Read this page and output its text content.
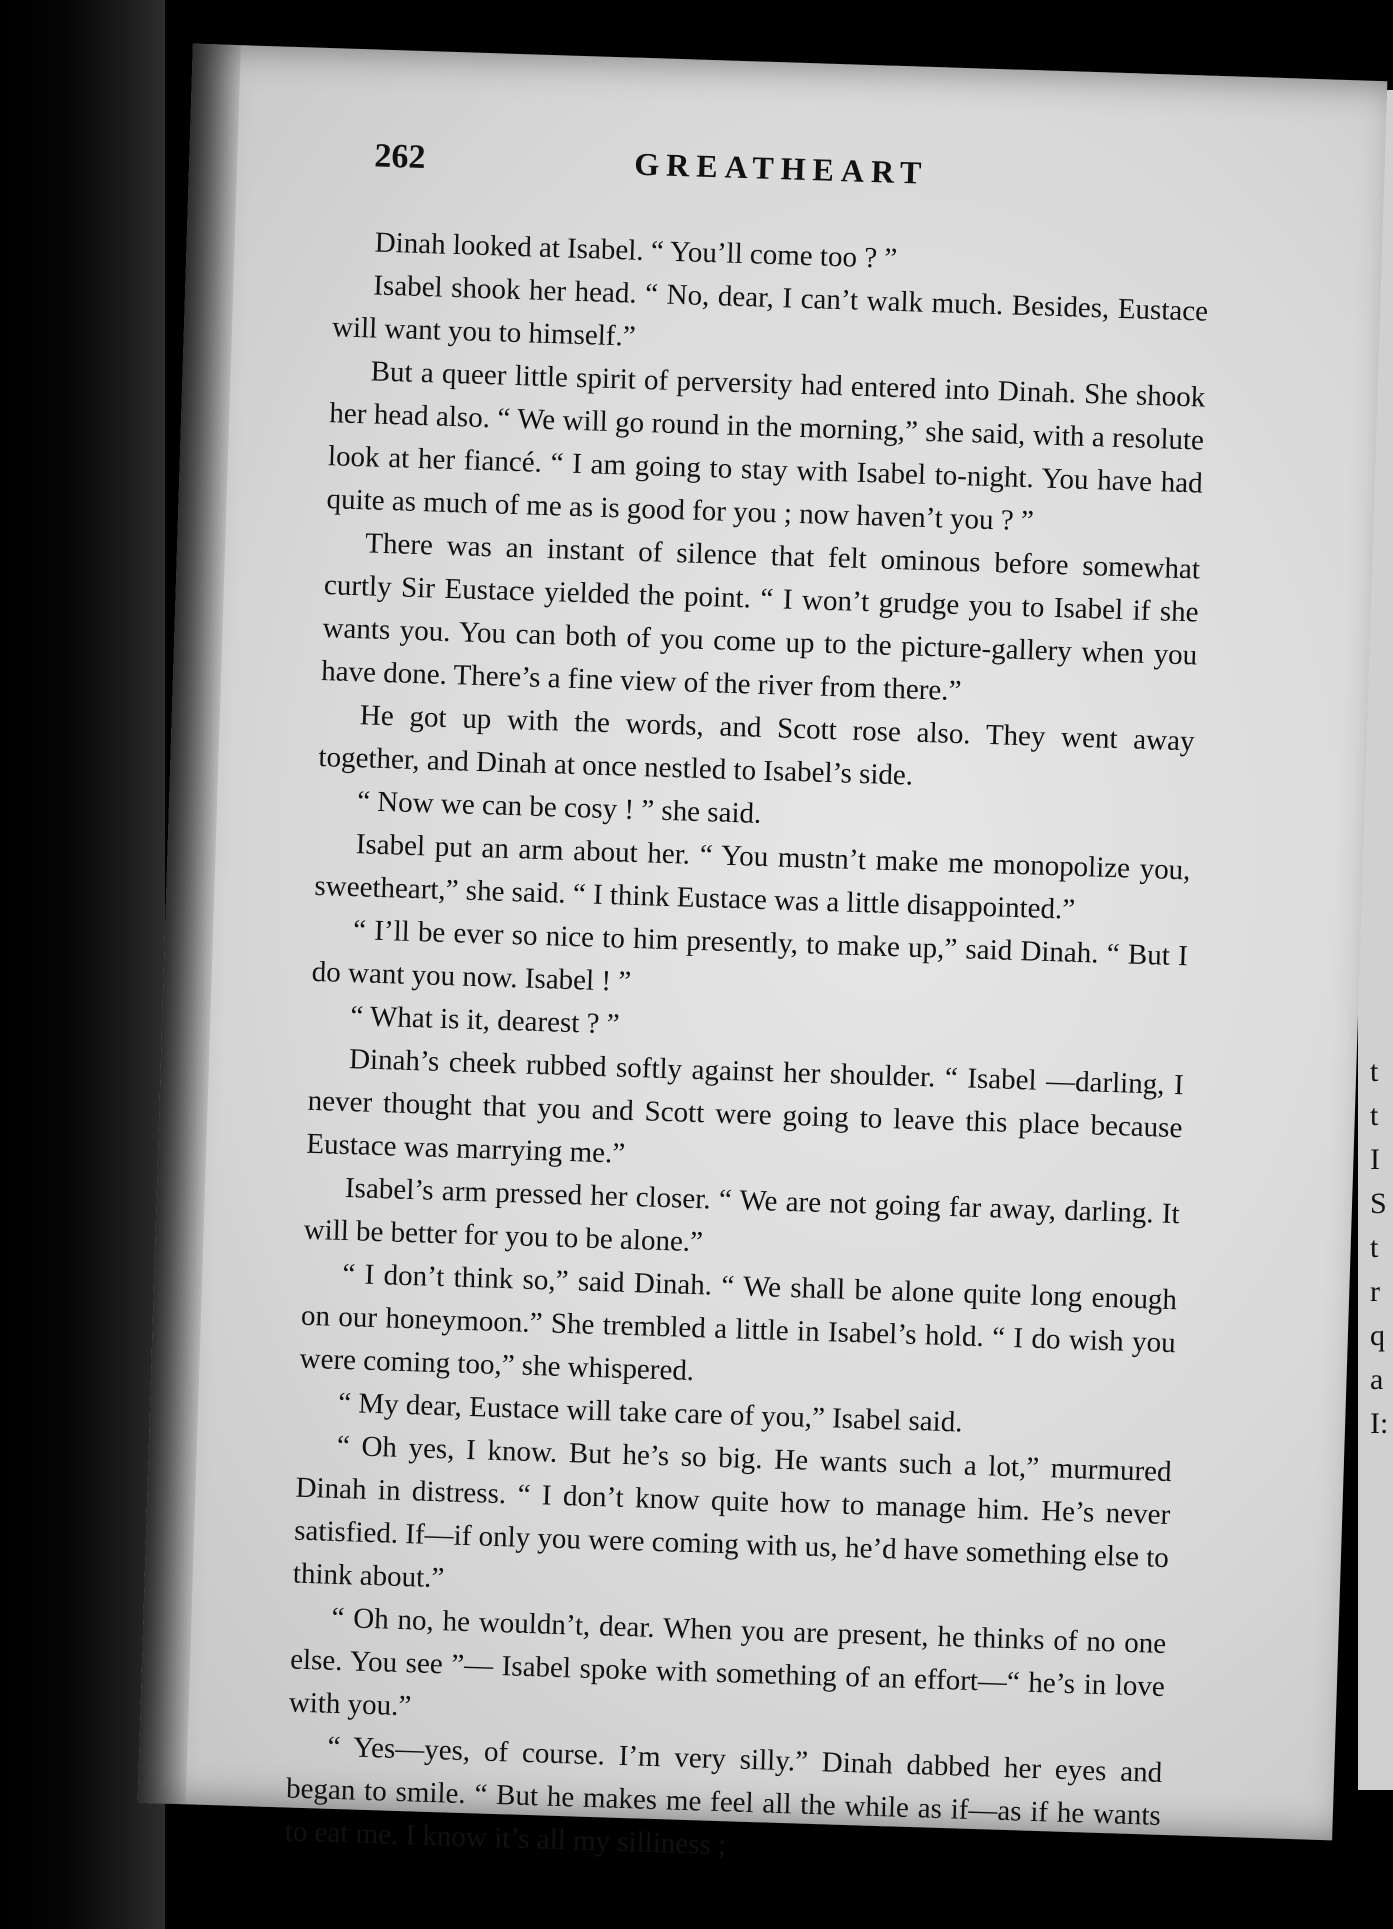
t
t
I
S
t
r
q
a
I:
262	GREATHEART

Dinah looked at Isabel. “ You’ll come too ? ”

Isabel shook her head. “ No, dear, I can’t walk much. Besides, Eustace will want you to himself.”

But a queer little spirit of perversity had entered into Dinah. She shook her head also. “ We will go round in the morning,” she said, with a resolute look at her fiancé. “ I am going to stay with Isabel to-night. You have had quite as much of me as is good for you ; now haven’t you ? ”

There was an instant of silence that felt ominous before somewhat curtly Sir Eustace yielded the point. “ I won’t grudge you to Isabel if she wants you. You can both of you come up to the picture-gallery when you have done. There’s a fine view of the river from there.”

He got up with the words, and Scott rose also. They went away together, and Dinah at once nestled to Isabel’s side.

“ Now we can be cosy ! ” she said.

Isabel put an arm about her. “ You mustn’t make me monopolize you, sweetheart,” she said. “ I think Eustace was a little disappointed.”

“ I’ll be ever so nice to him presently, to make up,” said Dinah. “ But I do want you now. Isabel ! ”

“ What is it, dearest ? ”

Dinah’s cheek rubbed softly against her shoulder. “ Isabel —darling, I never thought that you and Scott were going to leave this place because Eustace was marrying me.”

Isabel’s arm pressed her closer. “ We are not going far away, darling. It will be better for you to be alone.”

“ I don’t think so,” said Dinah. “ We shall be alone quite long enough on our honeymoon.” She trembled a little in Isabel’s hold. “ I do wish you were coming too,” she whispered.

“ My dear, Eustace will take care of you,” Isabel said.

“ Oh yes, I know. But he’s so big. He wants such a lot,” murmured Dinah in distress. “ I don’t know quite how to manage him. He’s never satisfied. If—if only you were coming with us, he’d have something else to think about.”

“ Oh no, he wouldn’t, dear. When you are present, he thinks of no one else. You see ”— Isabel spoke with something of an effort—“ he’s in love with you.”

“ Yes—yes, of course. I’m very silly.” Dinah dabbed her eyes and began to smile. “ But he makes me feel all the while as if—as if he wants to eat me. I know it’s all my silliness ;
